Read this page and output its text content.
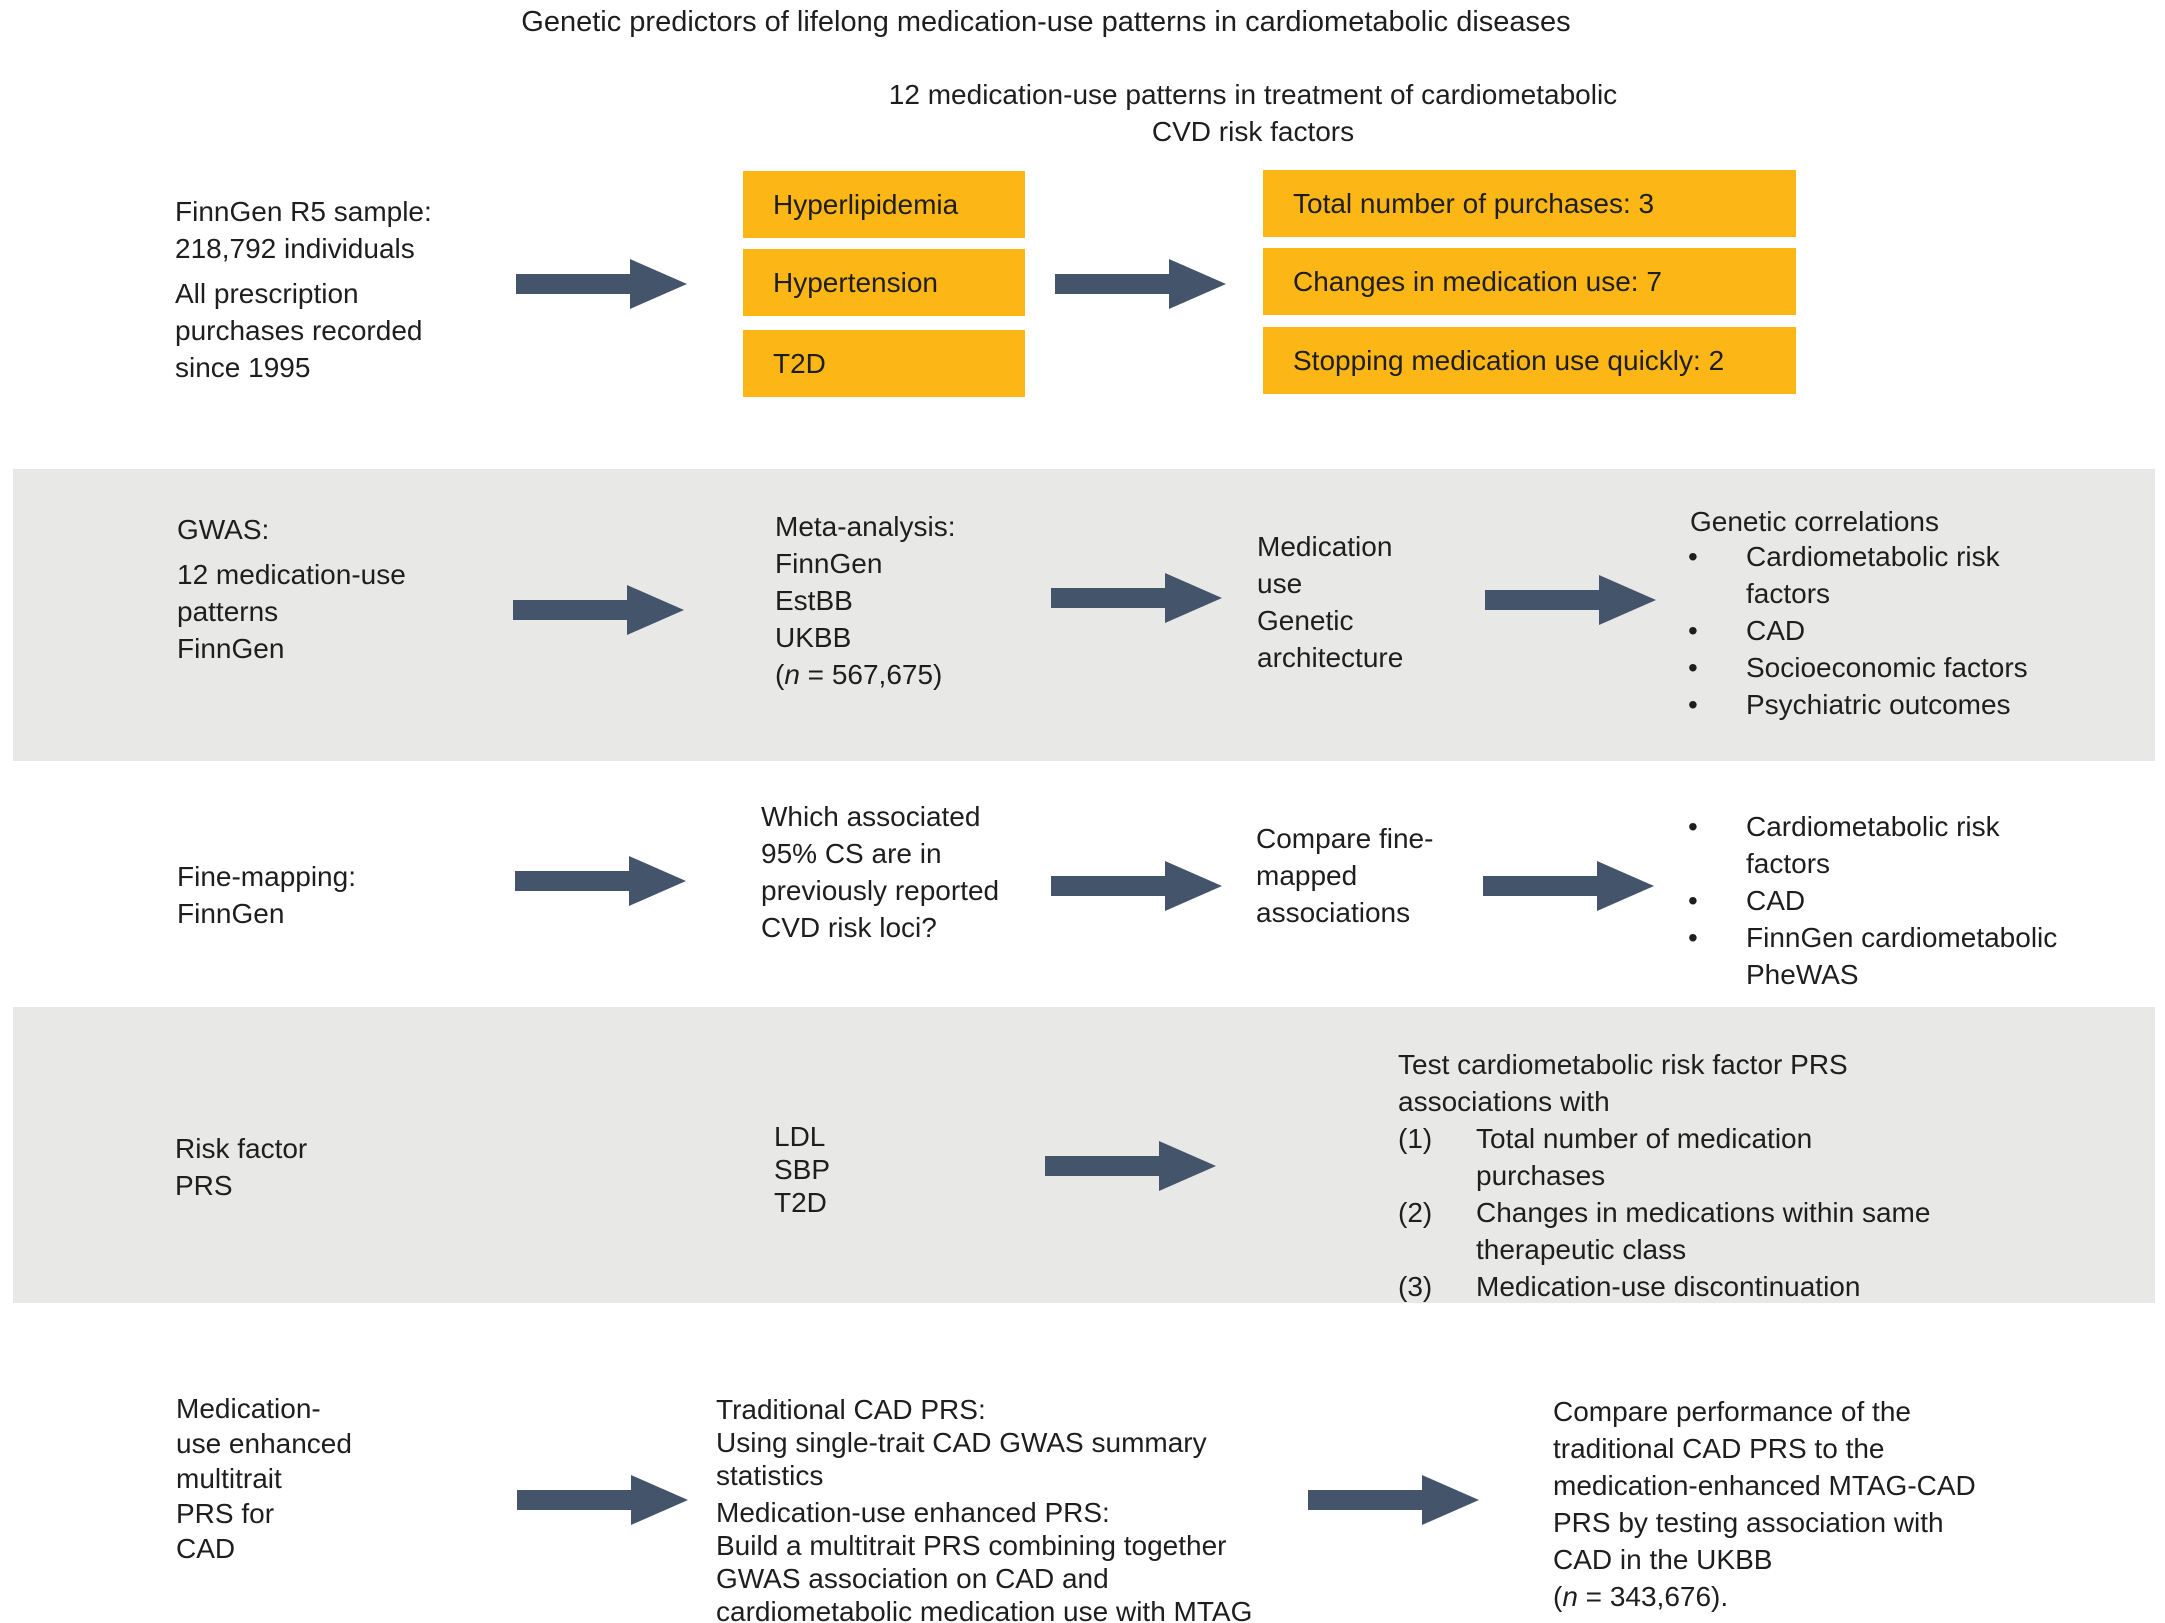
Genetic predictors of lifelong medication-use patterns in cardiometabolic diseases
12 medication-use patterns in treatment of cardiometabolic
CVD risk factors
FinnGen R5 sample:
218,792 individuals
All prescription
purchases recorded
since 1995
Hyperlipidemia
Hypertension
T2D
Total number of purchases: 3
Changes in medication use: 7
Stopping medication use quickly: 2
GWAS:
12 medication-use
patterns
FinnGen
Meta-analysis:
FinnGen
EstBB
UKBB
(n = 567,675)
Medication
use
Genetic
architecture
Genetic correlations
•	Cardiometabolic risk
factors
•	CAD
•	Socioeconomic factors
•	Psychiatric outcomes
Fine-mapping:
FinnGen
Which associated
95% CS are in
previously reported
CVD risk loci?
Compare fine-
mapped
associations
•	Cardiometabolic risk
factors
•	CAD
•	FinnGen cardiometabolic
PheWAS
Risk factor
PRS
LDL
SBP
T2D
Test cardiometabolic risk factor PRS
associations with
(1)	Total number of medication
purchases
(2)	Changes in medications within same
therapeutic class
(3)	Medication-use discontinuation
Medication-
use enhanced
multitrait
PRS for
CAD
Traditional CAD PRS:
Using single-trait CAD GWAS summary
statistics
Medication-use enhanced PRS:
Build a multitrait PRS combining together
GWAS association on CAD and
cardiometabolic medication use with MTAG
Compare performance of the
traditional CAD PRS to the
medication-enhanced MTAG-CAD
PRS by testing association with
CAD in the UKBB
(n = 343,676).
